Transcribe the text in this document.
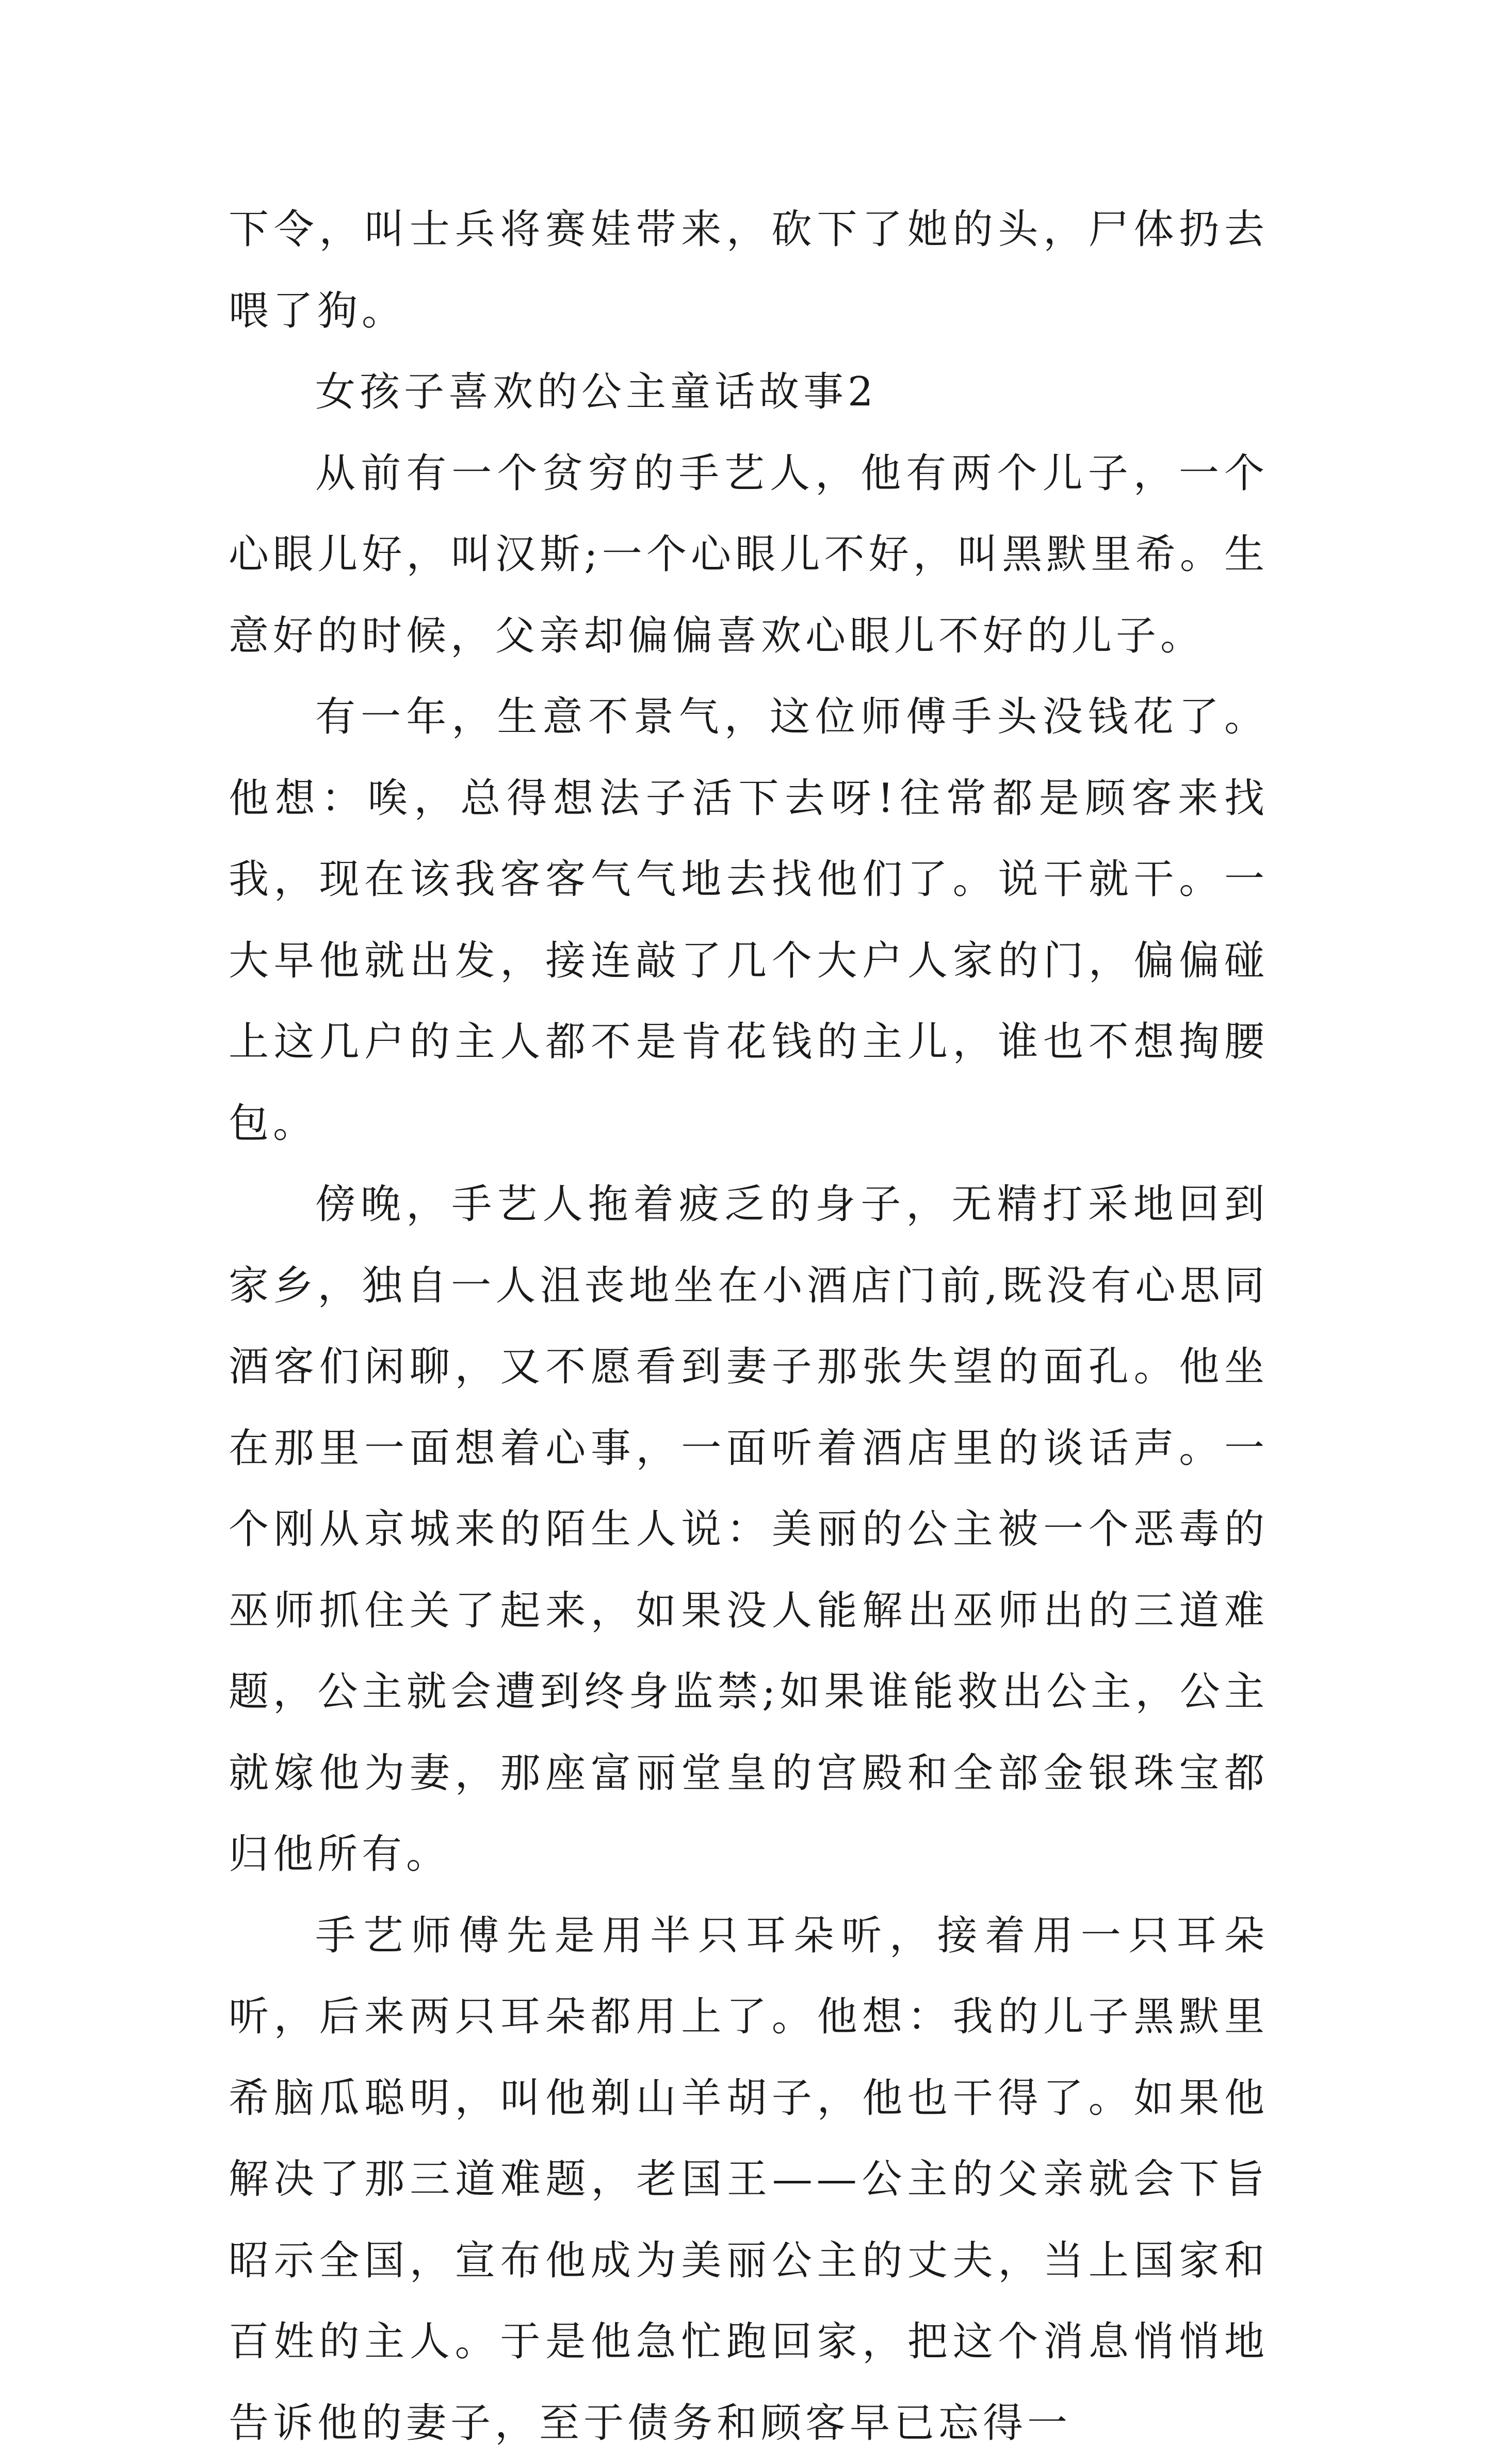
下令，叫士兵将赛娃带来，砍下了她的头，尸体扔去喂了狗。

女孩子喜欢的公主童话故事2

从前有一个贫穷的手艺人，他有两个儿子，一个心眼儿好，叫汉斯;一个心眼儿不好，叫黑默里希。生意好的时候，父亲却偏偏喜欢心眼儿不好的儿子。

有一年，生意不景气，这位师傅手头没钱花了。他想：唉，总得想法子活下去呀!往常都是顾客来找我，现在该我客客气气地去找他们了。说干就干。一大早他就出发，接连敲了几个大户人家的门，偏偏碰上这几户的主人都不是肯花钱的主儿，谁也不想掏腰包。

傍晚，手艺人拖着疲乏的身子，无精打采地回到家乡，独自一人沮丧地坐在小酒店门前,既没有心思同酒客们闲聊，又不愿看到妻子那张失望的面孔。他坐在那里一面想着心事，一面听着酒店里的谈话声。一个刚从京城来的陌生人说：美丽的公主被一个恶毒的巫师抓住关了起来，如果没人能解出巫师出的三道难题，公主就会遭到终身监禁;如果谁能救出公主，公主就嫁他为妻，那座富丽堂皇的宫殿和全部金银珠宝都归他所有。

手艺师傅先是用半只耳朵听，接着用一只耳朵听，后来两只耳朵都用上了。他想：我的儿子黑默里希脑瓜聪明，叫他剃山羊胡子，他也干得了。如果他解决了那三道难题，老国王——公主的父亲就会下旨昭示全国，宣布他成为美丽公主的丈夫，当上国家和百姓的主人。于是他急忙跑回家，把这个消息悄悄地告诉他的妻子，至于债务和顾客早已忘得一
